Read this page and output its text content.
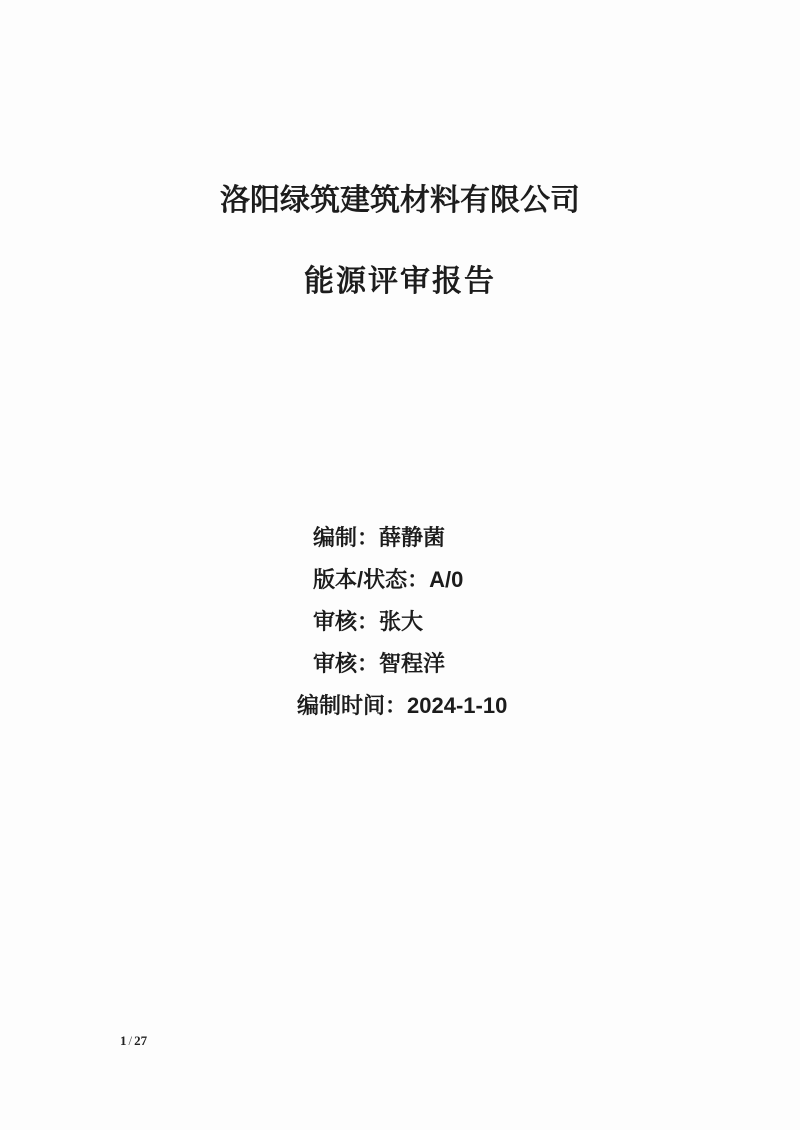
洛阳绿筑建筑材料有限公司
能源评审报告
编制：薛静菌
版本/状态：A/0
审核：张大
审核：智程洋
编制时间：2024-1-10
1 / 27
